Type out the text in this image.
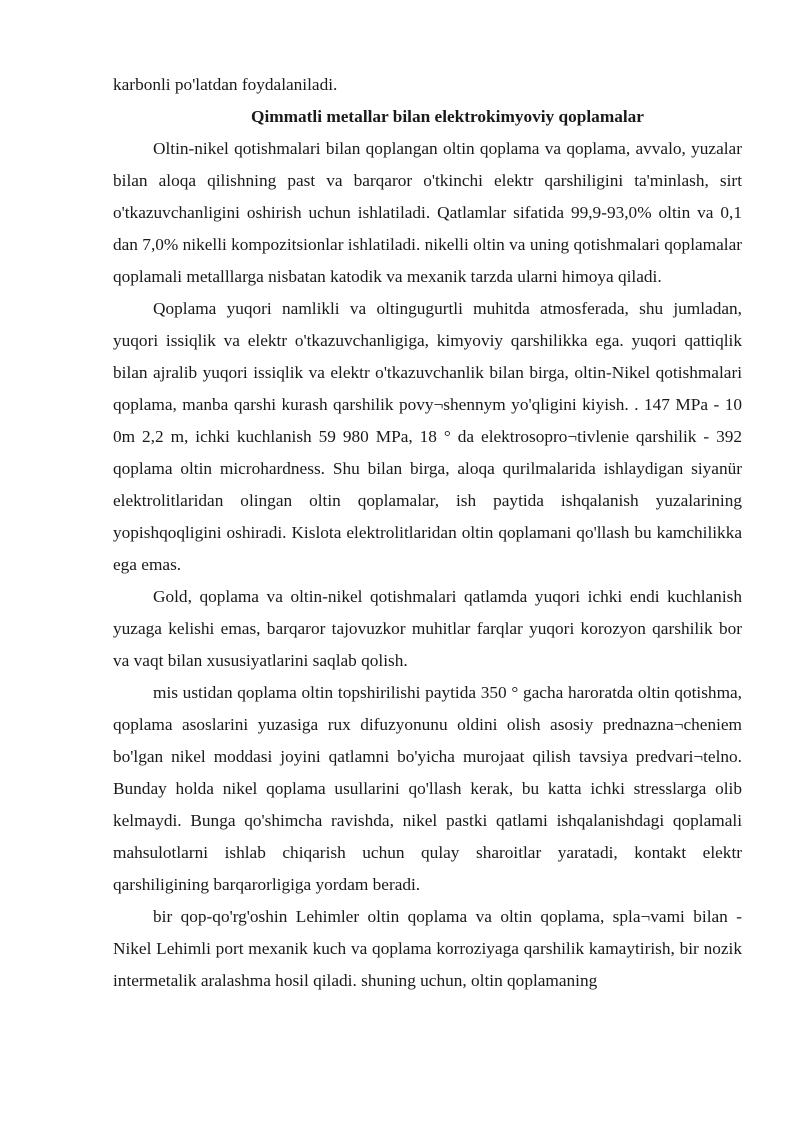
karbonli po'latdan foydalaniladi.

Qimmatli metallar bilan elektrokimyoviy qoplamalar

Oltin-nikel qotishmalari bilan qoplangan oltin qoplama va qoplama, avvalo, yuzalar bilan aloqa qilishning past va barqaror o'tkinchi elektr qarshiligini ta'minlash, sirt o'tkazuvchanligini oshirish uchun ishlatiladi. Qatlamlar sifatida 99,9-93,0% oltin va 0,1 dan 7,0% nikelli kompozitsionlar ishlatiladi. nikelli oltin va uning qotishmalari qoplamalar qoplamali metalllarga nisbatan katodik va mexanik tarzda ularni himoya qiladi.

Qoplama yuqori namlikli va oltingugurtli muhitda atmosferada, shu jumladan, yuqori issiqlik va elektr o'tkazuvchanligiga, kimyoviy qarshilikka ega. yuqori qattiqlik bilan ajralib yuqori issiqlik va elektr o'tkazuvchanlik bilan birga, oltin-Nikel qotishmalari qoplama, manba qarshi kurash qarshilik povy¬shennym yo'qligini kiyish. . 147 MPa - 10 0m 2,2 m, ichki kuchlanish 59 980 MPa, 18 ° da elektrosopro¬tivlenie qarshilik - 392 qoplama oltin microhardness. Shu bilan birga, aloqa qurilmalarida ishlaydigan siyanür elektrolitlaridan olingan oltin qoplamalar, ish paytida ishqalanish yuzalarining yopishqoqligini oshiradi. Kislota elektrolitlaridan oltin qoplamani qo'llash bu kamchilikka ega emas.

Gold, qoplama va oltin-nikel qotishmalari qatlamda yuqori ichki endi kuchlanish yuzaga kelishi emas, barqaror tajovuzkor muhitlar farqlar yuqori korozyon qarshilik bor va vaqt bilan xususiyatlarini saqlab qolish.

mis ustidan qoplama oltin topshirilishi paytida 350 ° gacha haroratda oltin qotishma, qoplama asoslarini yuzasiga rux difuzyonunu oldini olish asosiy prednazna¬cheniem bo'lgan nikel moddasi joyini qatlamni bo'yicha murojaat qilish tavsiya predvari¬telno. Bunday holda nikel qoplama usullarini qo'llash kerak, bu katta ichki stresslarga olib kelmaydi. Bunga qo'shimcha ravishda, nikel pastki qatlami ishqalanishdagi qoplamali mahsulotlarni ishlab chiqarish uchun qulay sharoitlar yaratadi, kontakt elektr qarshiligining barqarorligiga yordam beradi.

bir qop-qo'rg'oshin Lehimler oltin qoplama va oltin qoplama, spla¬vami bilan - Nikel Lehimli port mexanik kuch va qoplama korroziyaga qarshilik kamaytirish, bir nozik intermetalik aralashma hosil qiladi. shuning uchun, oltin qoplamaning
